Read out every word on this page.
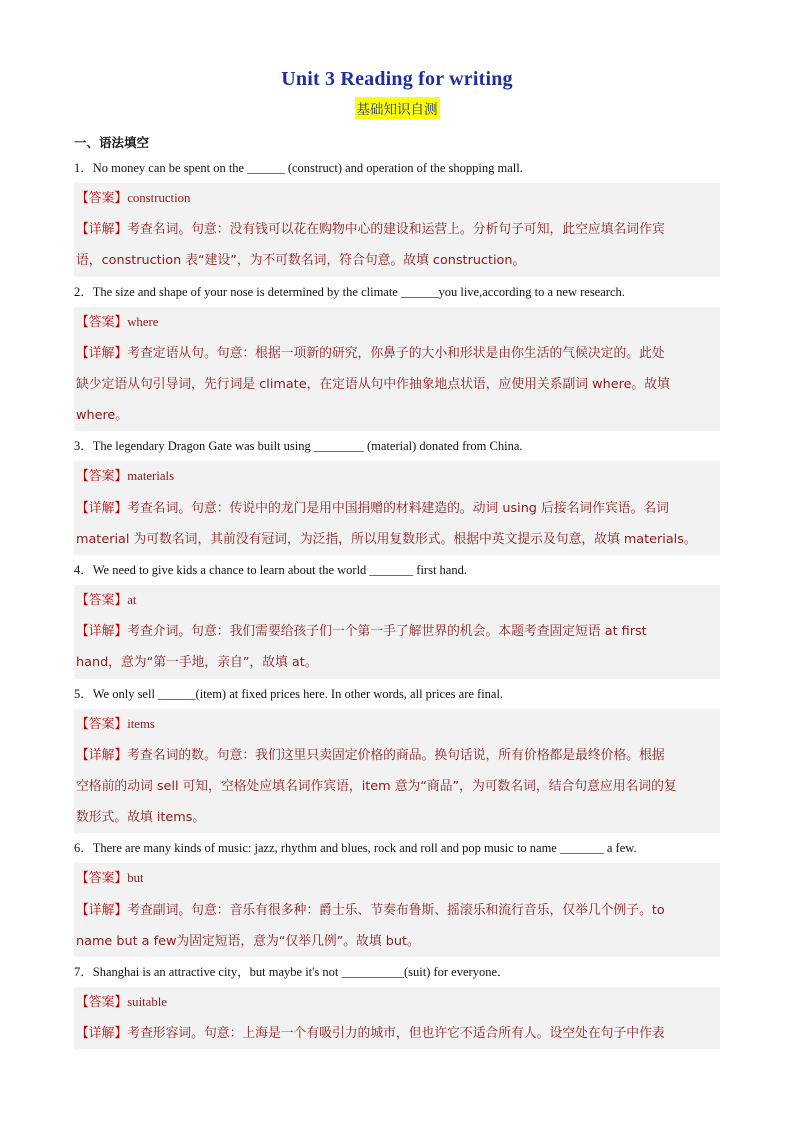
Unit 3 Reading for writing
基础知识自测
一、语法填空
1．No money can be spent on the ______ (construct) and operation of the shopping mall.
【答案】construction
【详解】考查名词。句意：没有钱可以花在购物中心的建设和运营上。分析句子可知，此空应填名词作宾
语，construction 表“建设”，为不可数名词，符合句意。故填 construction。
2．The size and shape of your nose is determined by the climate ______you live,according to a new research.
【答案】where
【详解】考查定语从句。句意：根据一项新的研究，你鼻子的大小和形状是由你生活的气候决定的。此处
缺少定语从句引导词，先行词是 climate，在定语从句中作抽象地点状语，应使用关系副词 where。故填
where。
3．The legendary Dragon Gate was built using ________ (material) donated from China.
【答案】materials
【详解】考查名词。句意：传说中的龙门是用中国捐赠的材料建造的。动词 using 后接名词作宾语。名词
material 为可数名词，其前没有冠词，为泛指，所以用复数形式。根据中英文提示及句意，故填 materials。
4．We need to give kids a chance to learn about the world _______ first hand.
【答案】at
【详解】考查介词。句意：我们需要给孩子们一个第一手了解世界的机会。本题考查固定短语 at first
hand，意为“第一手地，亲自”，故填 at。
5．We only sell ______(item) at fixed prices here. In other words, all prices are final.
【答案】items
【详解】考查名词的数。句意：我们这里只卖固定价格的商品。换句话说，所有价格都是最终价格。根据
空格前的动词 sell 可知，空格处应填名词作宾语，item 意为“商品”，为可数名词，结合句意应用名词的复
数形式。故填 items。
6．There are many kinds of music: jazz, rhythm and blues, rock and roll and pop music to name _______ a few.
【答案】but
【详解】考查副词。句意：音乐有很多种：爵士乐、节奏布鲁斯、摇滚乐和流行音乐，仅举几个例子。to
name but a few为固定短语，意为“仅举几例”。故填 but。
7．Shanghai is an attractive city，but maybe it's not __________(suit) for everyone．
【答案】suitable
【详解】考查形容词。句意：上海是一个有吸引力的城市，但也许它不适合所有人。设空处在句子中作表
